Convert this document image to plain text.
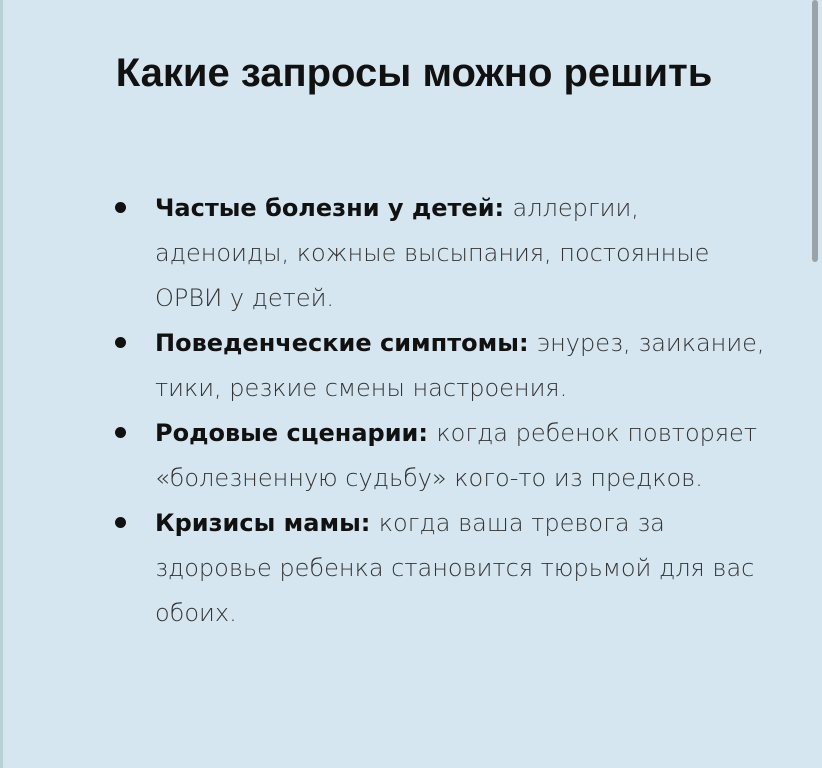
Какие запросы можно решить
Частые болезни у детей: аллергии, аденоиды, кожные высыпания, постоянные ОРВИ у детей.
Поведенческие симптомы: энурез, заикание, тики, резкие смены настроения.
Родовые сценарии: когда ребенок повторяет «болезненную судьбу» кого-то из предков.
Кризисы мамы: когда ваша тревога за здоровье ребенка становится тюрьмой для вас обоих.
